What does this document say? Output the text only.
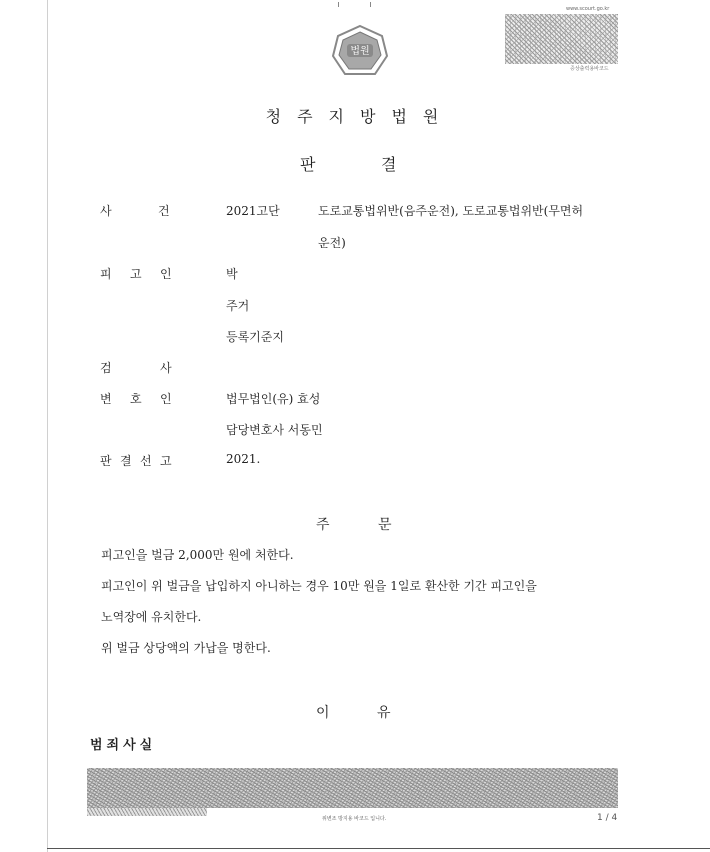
법원
www.scourt.go.kr
증상출력용바코드
청주지방법원
판	결
사	건	2021고단	도로교통법위반(음주운전), 도로교통법위반(무면허
운전)
피 고 인	박
주거
등록기준지
검	사
변 호 인	법무법인(유) 효성
담당변호사 서동민
판 결 선 고	2021.
주	문
피고인을 벌금 2,000만 원에 처한다.
피고인이 위 벌금을 납입하지 아니하는 경우 10만 원을 1일로 환산한 기간 피고인을
노역장에 유치한다.
위 벌금 상당액의 가납을 명한다.
이	유
범죄사실
위변조 방지용 바코드 입니다.	1 / 4
